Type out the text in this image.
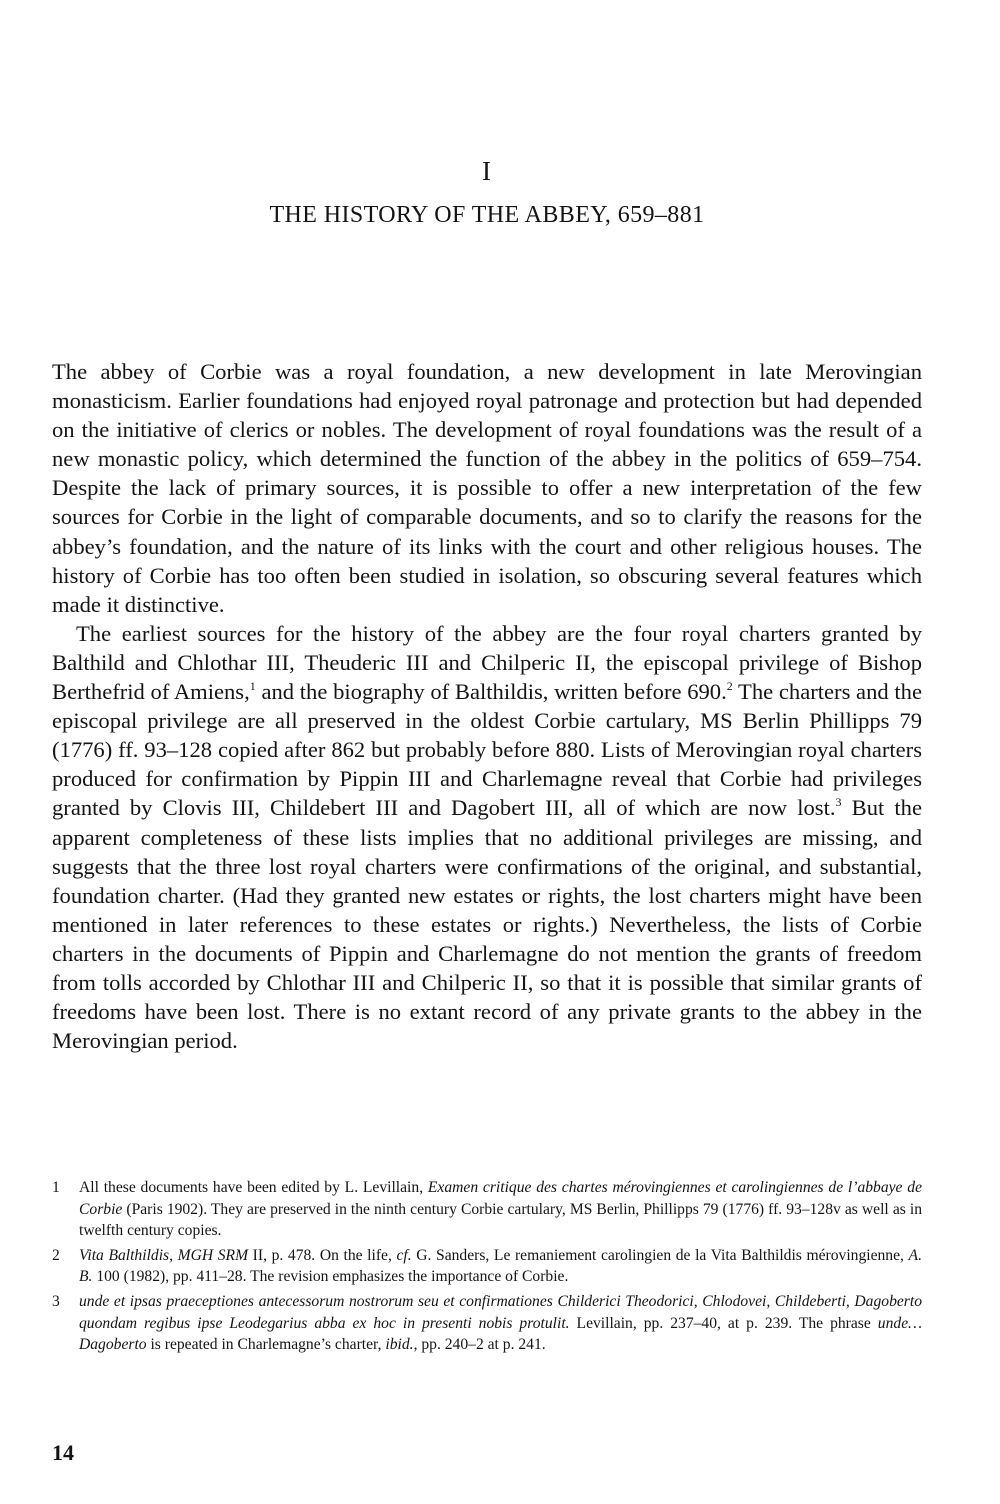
I
THE HISTORY OF THE ABBEY, 659–881

The abbey of Corbie was a royal foundation, a new development in late Merovingian monasticism. Earlier foundations had enjoyed royal patronage and protection but had depended on the initiative of clerics or nobles. The development of royal foundations was the result of a new monastic policy, which determined the function of the abbey in the politics of 659–754. Despite the lack of primary sources, it is possible to offer a new interpretation of the few sources for Corbie in the light of comparable documents, and so to clarify the reasons for the abbey’s foundation, and the nature of its links with the court and other religious houses. The history of Corbie has too often been studied in isolation, so obscuring several features which made it distinctive.

The earliest sources for the history of the abbey are the four royal charters granted by Balthild and Chlothar III, Theuderic III and Chilperic II, the episcopal privilege of Bishop Berthefrid of Amiens,$^1$ and the biography of Balthildis, written before 690.$^2$ The charters and the episcopal privilege are all preserved in the oldest Corbie cartulary, MS Berlin Phillipps 79 (1776) ff. 93–128 copied after 862 but probably before 880. Lists of Merovingian royal charters produced for confirmation by Pippin III and Charlemagne reveal that Corbie had privileges granted by Clovis III, Childebert III and Dagobert III, all of which are now lost.$^3$ But the apparent completeness of these lists implies that no additional privileges are missing, and suggests that the three lost royal charters were confirmations of the original, and substantial, foundation charter. (Had they granted new estates or rights, the lost charters might have been mentioned in later references to these estates or rights.) Nevertheless, the lists of Corbie charters in the documents of Pippin and Charlemagne do not mention the grants of freedom from tolls accorded by Chlothar III and Chilperic II, so that it is possible that similar grants of freedoms have been lost. There is no extant record of any private grants to the abbey in the Merovingian period.

1 All these documents have been edited by L. Levillain, Examen critique des chartes mérovingiennes et carolingiennes de l’abbaye de Corbie (Paris 1902). They are preserved in the ninth century Corbie cartulary, MS Berlin, Phillipps 79 (1776) ff. 93–128v as well as in twelfth century copies.
2 Vita Balthildis, MGH SRM II, p. 478. On the life, cf. G. Sanders, Le remaniement carolingien de la Vita Balthildis mérovingienne, A. B. 100 (1982), pp. 411–28. The revision emphasizes the importance of Corbie.
3 unde et ipsas praeceptiones antecessorum nostrorum seu et confirmationes Childerici Theodorici, Chlodovei, Childeberti, Dagoberto quondam regibus ipse Leodegarius abba ex hoc in presenti nobis protulit. Levillain, pp. 237–40, at p. 239. The phrase unde…Dagoberto is repeated in Charlemagne’s charter, ibid., pp. 240–2 at p. 241.
14
